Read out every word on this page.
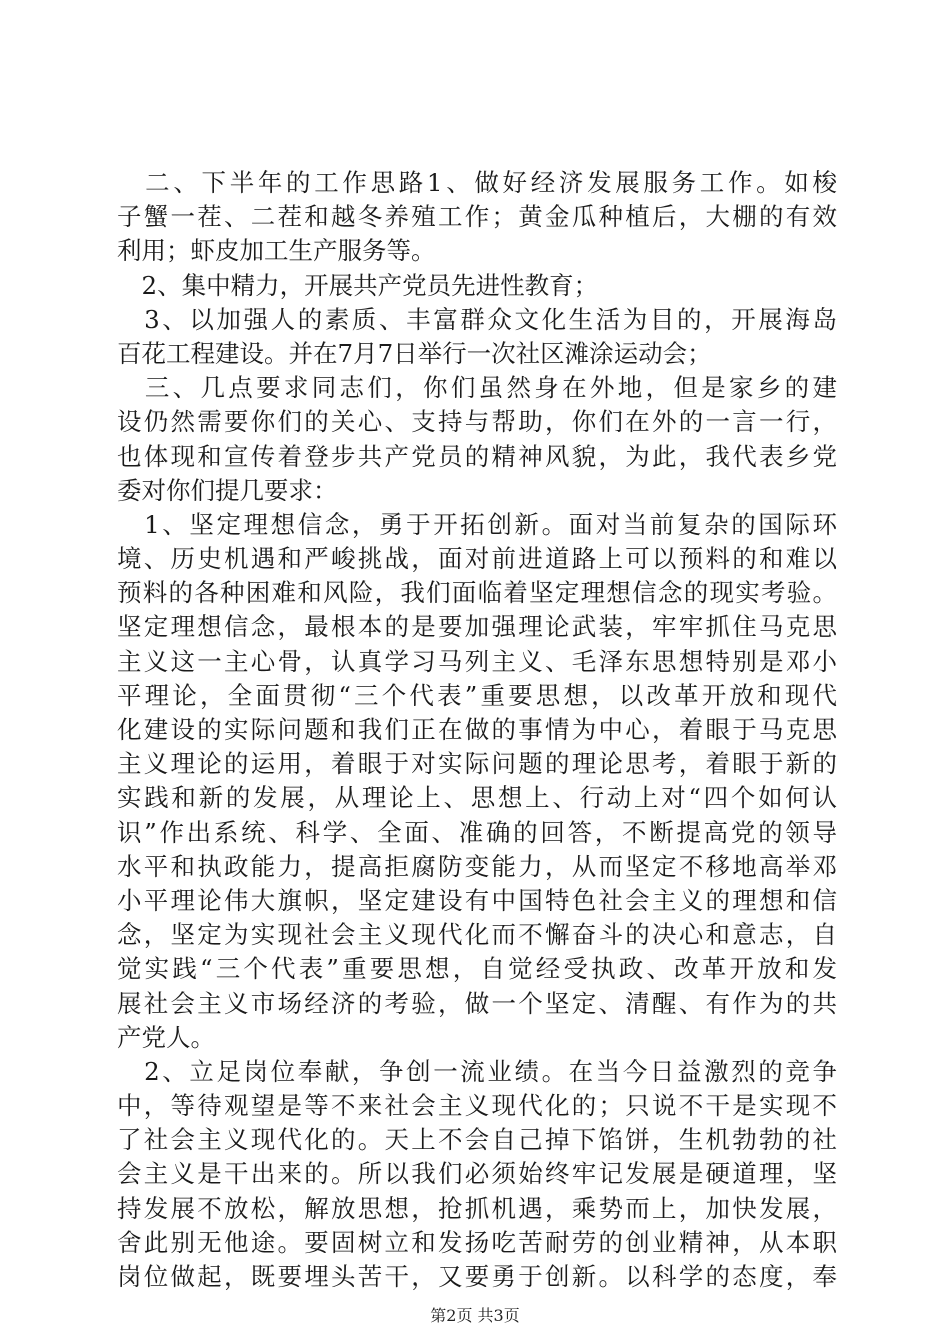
　二、下半年的工作思路1、做好经济发展服务工作。如梭
子蟹一茬、二茬和越冬养殖工作；黄金瓜种植后，大棚的有效
利用；虾皮加工生产服务等。
　2、集中精力，开展共产党员先进性教育；
　3、以加强人的素质、丰富群众文化生活为目的，开展海岛
百花工程建设。并在7月7日举行一次社区滩涂运动会；
　三、几点要求同志们，你们虽然身在外地，但是家乡的建
设仍然需要你们的关心、支持与帮助，你们在外的一言一行，
也体现和宣传着登步共产党员的精神风貌，为此，我代表乡党
委对你们提几要求：
　1、坚定理想信念，勇于开拓创新。面对当前复杂的国际环
境、历史机遇和严峻挑战，面对前进道路上可以预料的和难以
预料的各种困难和风险，我们面临着坚定理想信念的现实考验。
坚定理想信念，最根本的是要加强理论武装，牢牢抓住马克思
主义这一主心骨，认真学习马列主义、毛泽东思想特别是邓小
平理论，全面贯彻“三个代表”重要思想，以改革开放和现代
化建设的实际问题和我们正在做的事情为中心，着眼于马克思
主义理论的运用，着眼于对实际问题的理论思考，着眼于新的
实践和新的发展，从理论上、思想上、行动上对“四个如何认
识”作出系统、科学、全面、准确的回答，不断提高党的领导
水平和执政能力，提高拒腐防变能力，从而坚定不移地高举邓
小平理论伟大旗帜，坚定建设有中国特色社会主义的理想和信
念，坚定为实现社会主义现代化而不懈奋斗的决心和意志，自
觉实践“三个代表”重要思想，自觉经受执政、改革开放和发
展社会主义市场经济的考验，做一个坚定、清醒、有作为的共
产党人。
　2、立足岗位奉献，争创一流业绩。在当今日益激烈的竞争
中，等待观望是等不来社会主义现代化的；只说不干是实现不
了社会主义现代化的。天上不会自己掉下馅饼，生机勃勃的社
会主义是干出来的。所以我们必须始终牢记发展是硬道理，坚
持发展不放松，解放思想，抢抓机遇，乘势而上，加快发展，
舍此别无他途。要固树立和发扬吃苦耐劳的创业精神，从本职
岗位做起，既要埋头苦干，又要勇于创新。以科学的态度，奉
第2页 共3页
